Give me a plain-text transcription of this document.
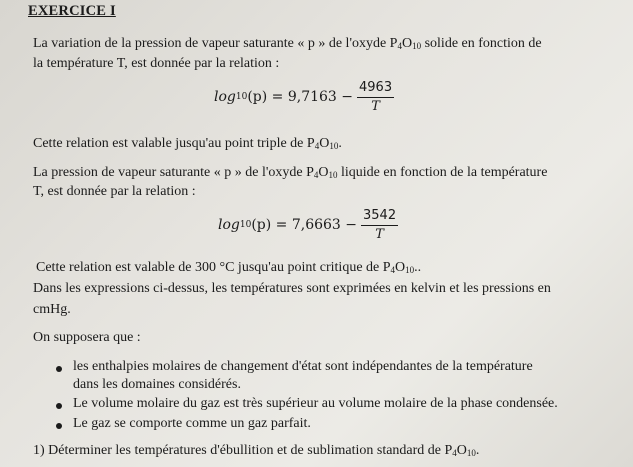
EXERCICE I
La variation de la pression de vapeur saturante « p » de l'oxyde $P_4O_{10}$ solide en fonction de
la température T, est donnée par la relation :
log 10 $(p) = 9,7163 - \frac{4963}{T}$
Cette relation est valable jusqu'au point triple de $P_4O_{10}$.
La pression de vapeur saturante « p » de l'oxyde $P_4O_{10}$ liquide en fonction de la température
T, est donnée par la relation :
log 10 $(p) = 7,6663 - \frac{3542}{T}$
Cette relation est valable de 300 °C jusqu'au point critique de $P_4O_{10}$..
Dans les expressions ci-dessus, les températures sont exprimées en kelvin et les pressions en
cmHg.
On supposera que :
les enthalpies molaires de changement d'état sont indépendantes de la température
dans les domaines considérés.
Le volume molaire du gaz est très supérieur au volume molaire de la phase condensée.
Le gaz se comporte comme un gaz parfait.
1) Déterminer les températures d'ébullition et de sublimation standard de $P_4O_{10}$.
